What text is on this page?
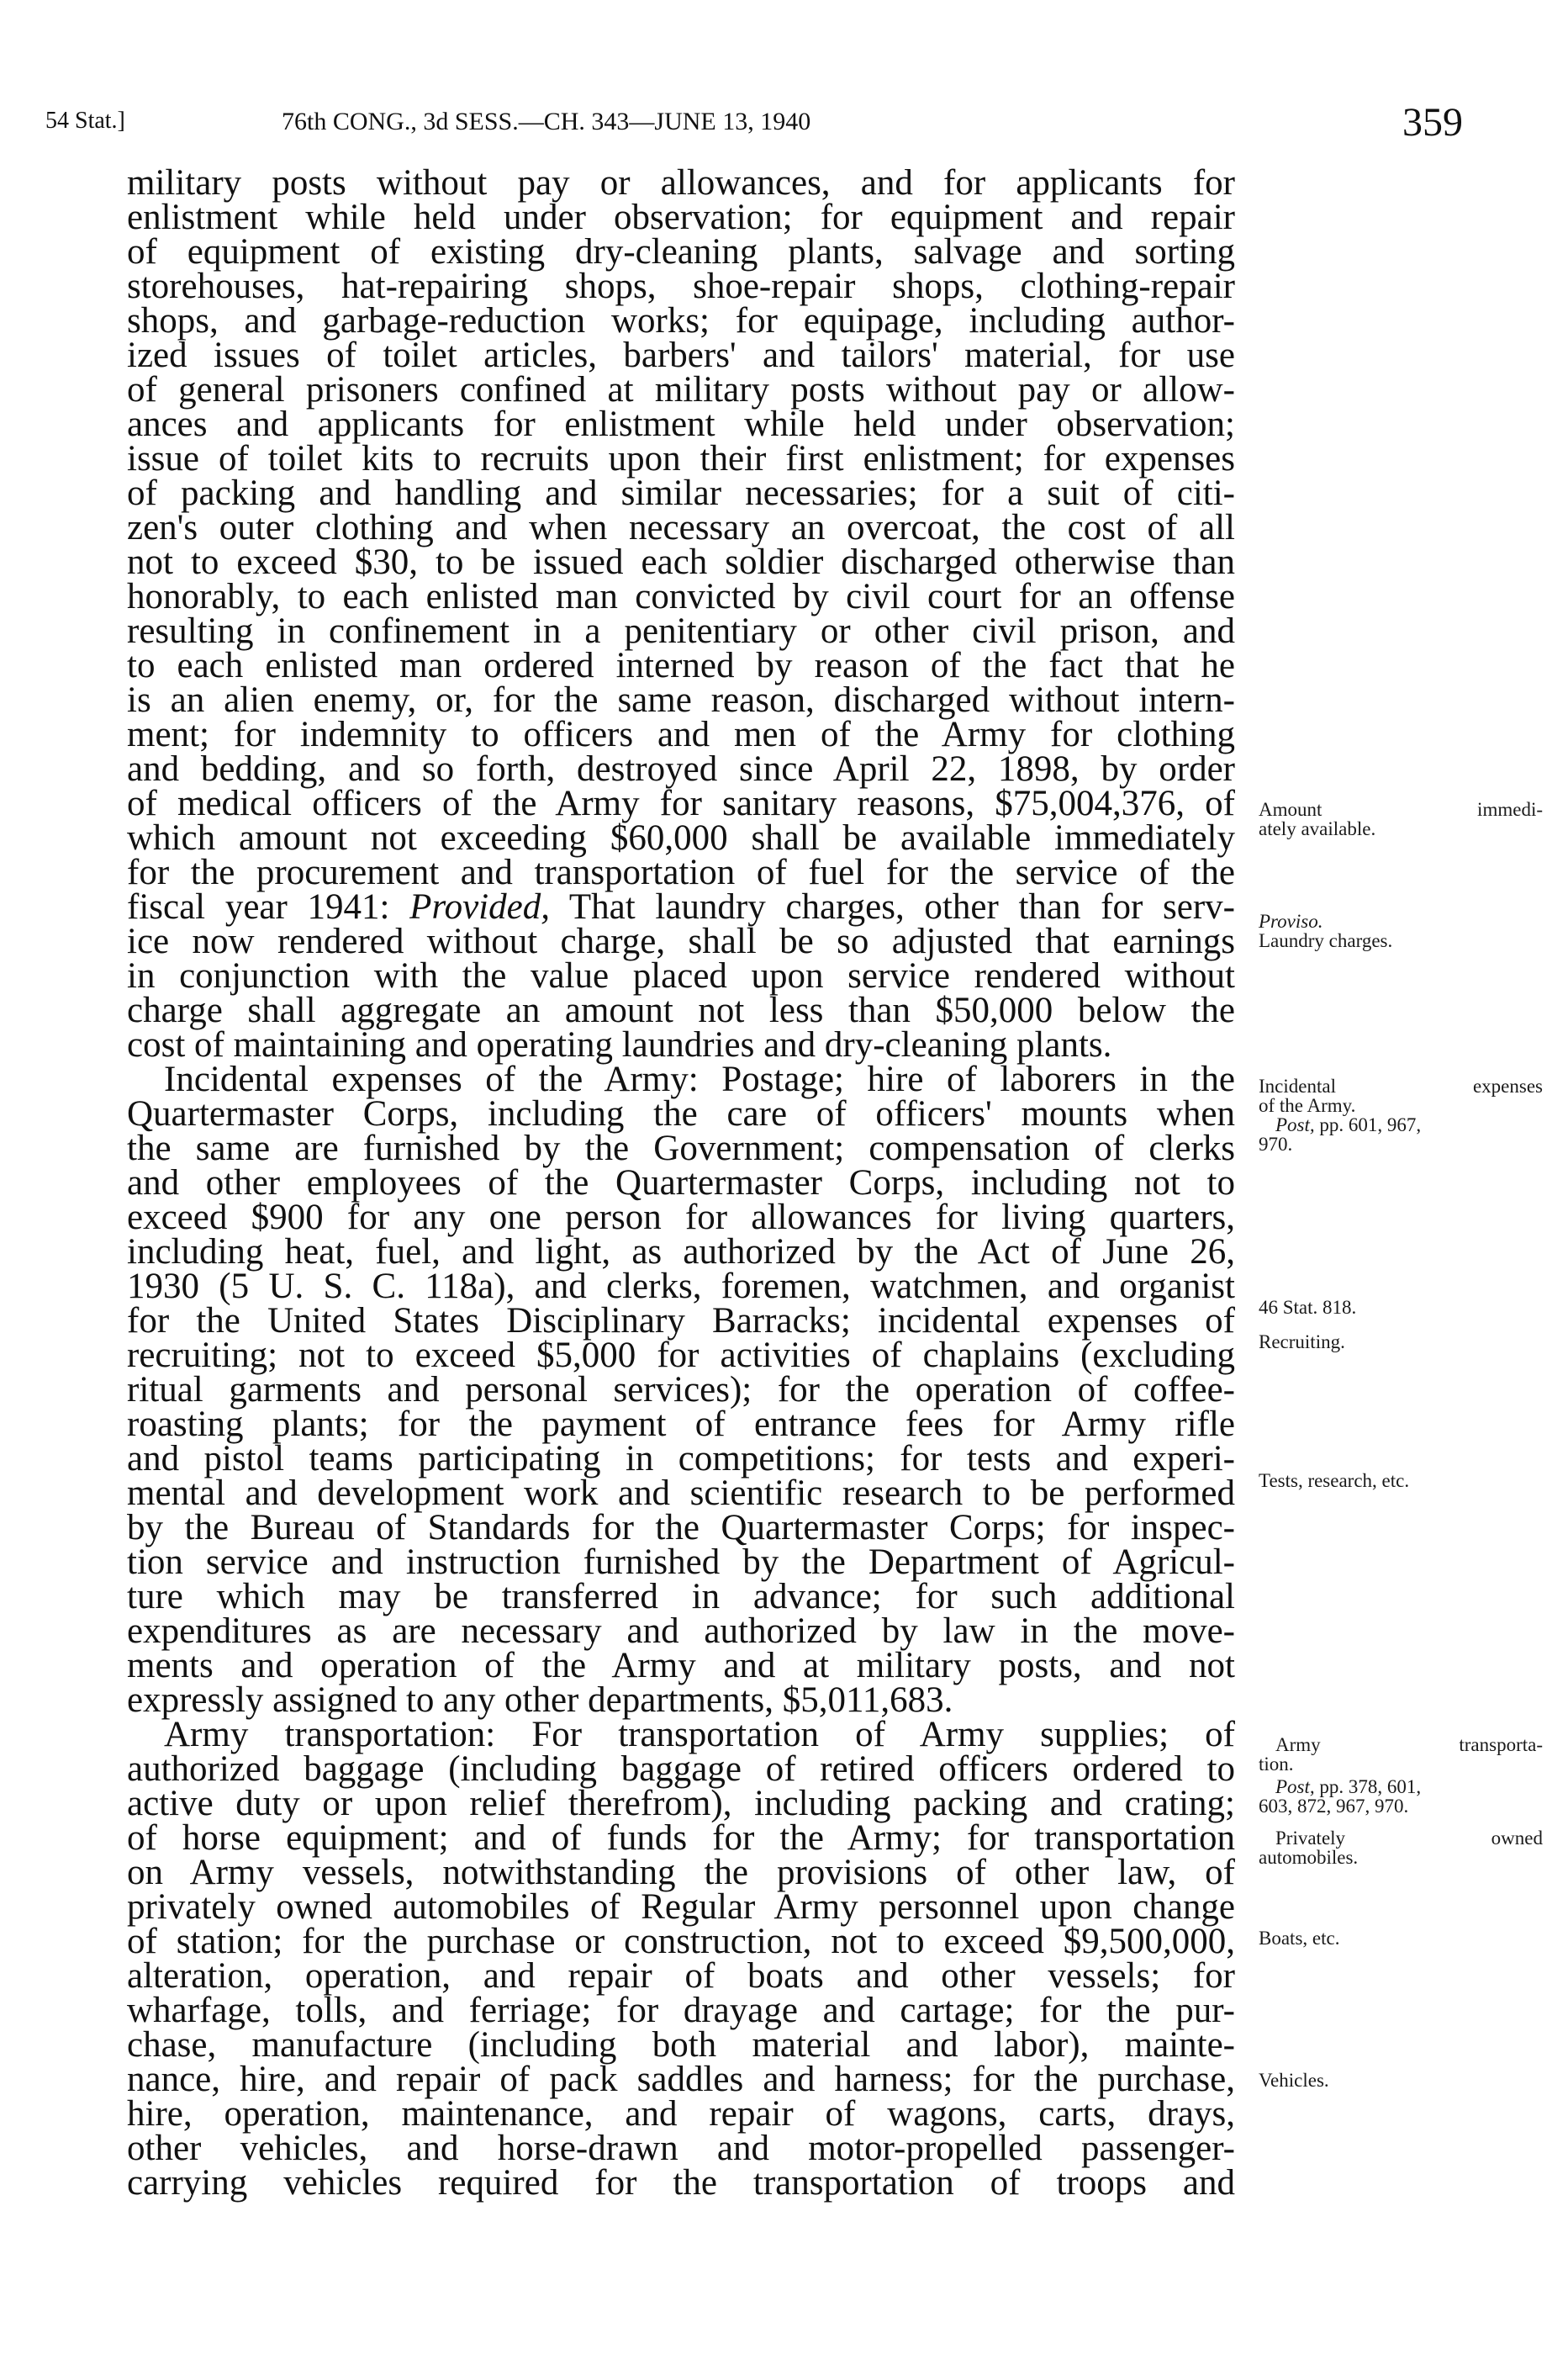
54 Stat.]	76th CONG., 3d SESS.—CH. 343—JUNE 13, 1940	359
military posts without pay or allowances, and for applicants for
enlistment while held under observation; for equipment and repair
of equipment of existing dry-cleaning plants, salvage and sorting
storehouses, hat-repairing shops, shoe-repair shops, clothing-repair
shops, and garbage-reduction works; for equipage, including author-
ized issues of toilet articles, barbers' and tailors' material, for use
of general prisoners confined at military posts without pay or allow-
ances and applicants for enlistment while held under observation;
issue of toilet kits to recruits upon their first enlistment; for expenses
of packing and handling and similar necessaries; for a suit of citi-
zen's outer clothing and when necessary an overcoat, the cost of all
not to exceed $30, to be issued each soldier discharged otherwise than
honorably, to each enlisted man convicted by civil court for an offense
resulting in confinement in a penitentiary or other civil prison, and
to each enlisted man ordered interned by reason of the fact that he
is an alien enemy, or, for the same reason, discharged without intern-
ment; for indemnity to officers and men of the Army for clothing
and bedding, and so forth, destroyed since April 22, 1898, by order
of medical officers of the Army for sanitary reasons, $75,004,376, of
which amount not exceeding $60,000 shall be available immediately
for the procurement and transportation of fuel for the service of the
fiscal year 1941: Provided, That laundry charges, other than for serv-
ice now rendered without charge, shall be so adjusted that earnings
in conjunction with the value placed upon service rendered without
charge shall aggregate an amount not less than $50,000 below the
cost of maintaining and operating laundries and dry-cleaning plants.
Incidental expenses of the Army: Postage; hire of laborers in the
Quartermaster Corps, including the care of officers' mounts when
the same are furnished by the Government; compensation of clerks
and other employees of the Quartermaster Corps, including not to
exceed $900 for any one person for allowances for living quarters,
including heat, fuel, and light, as authorized by the Act of June 26,
1930 (5 U. S. C. 118a), and clerks, foremen, watchmen, and organist
for the United States Disciplinary Barracks; incidental expenses of
recruiting; not to exceed $5,000 for activities of chaplains (excluding
ritual garments and personal services); for the operation of coffee-
roasting plants; for the payment of entrance fees for Army rifle
and pistol teams participating in competitions; for tests and experi-
mental and development work and scientific research to be performed
by the Bureau of Standards for the Quartermaster Corps; for inspec-
tion service and instruction furnished by the Department of Agricul-
ture which may be transferred in advance; for such additional
expenditures as are necessary and authorized by law in the move-
ments and operation of the Army and at military posts, and not
expressly assigned to any other departments, $5,011,683.
Army transportation: For transportation of Army supplies; of
authorized baggage (including baggage of retired officers ordered to
active duty or upon relief therefrom), including packing and crating;
of horse equipment; and of funds for the Army; for transportation
on Army vessels, notwithstanding the provisions of other law, of
privately owned automobiles of Regular Army personnel upon change
of station; for the purchase or construction, not to exceed $9,500,000,
alteration, operation, and repair of boats and other vessels; for
wharfage, tolls, and ferriage; for drayage and cartage; for the pur-
chase, manufacture (including both material and labor), mainte-
nance, hire, and repair of pack saddles and harness; for the purchase,
hire, operation, maintenance, and repair of wagons, carts, drays,
other vehicles, and horse-drawn and motor-propelled passenger-
carrying vehicles required for the transportation of troops and
Amount immedi-
ately available.
Proviso.
Laundry charges.
Incidental expenses
of the Army.
Post, pp. 601, 967,
970.
46 Stat. 818.
Recruiting.
Tests, research, etc.
Army transporta-
tion.
Post, pp. 378, 601,
603, 872, 967, 970.
Privately owned
automobiles.
Boats, etc.
Vehicles.
